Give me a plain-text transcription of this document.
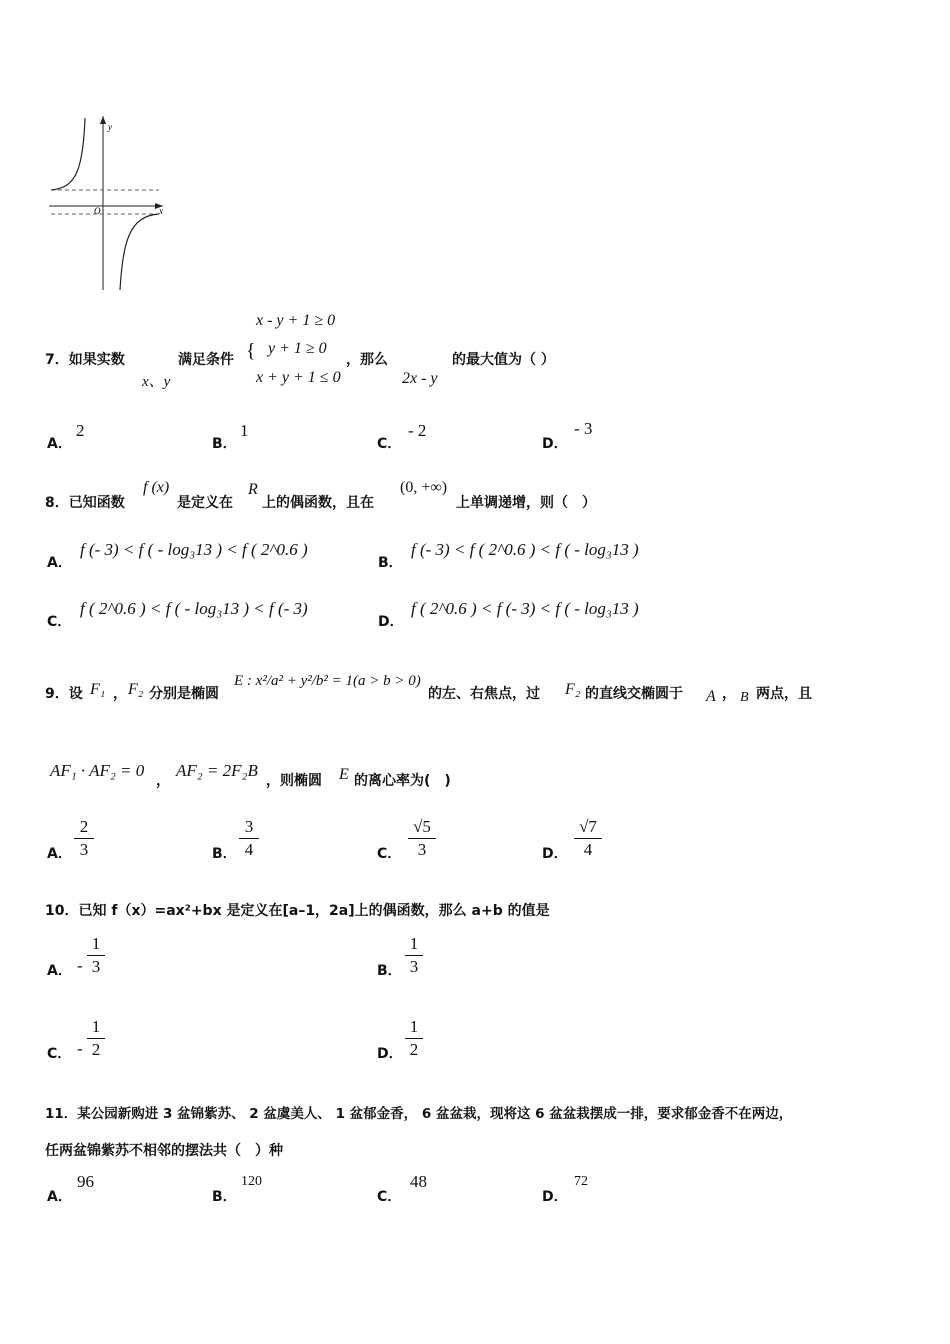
y
x
O
7．如果实数
x、y
满足条件 {
x - y + 1 ≥ 0
y + 1 ≥ 0
x + y + 1 ≤ 0
，那么
2x - y
的最大值为（ ）
A．
2
B．
1
C．
- 2
D．
- 3
8．已知函数
f (x)
是定义在
R
上的偶函数，且在
(0, +∞)
上单调递增，则（　）
A．
f (- 3) < f ( - log₃13 ) < f ( 2^0.6 )
B．
f (- 3) < f ( 2^0.6 ) < f ( - log₃13 )
C．
f ( 2^0.6 ) < f ( - log₃13 ) < f (- 3)
D．
f ( 2^0.6 ) < f (- 3) < f ( - log₃13 )
9．设 F₁ ， F₂ 分别是椭圆
E : x²/a² + y²/b² = 1(a > b > 0)
的左、右焦点，过 F₂ 的直线交椭圆于 A ， B 两点，且
AF₁ · AF₂ = 0
，
AF₂ = 2F₂B
，则椭圆 E 的离心率为(　)
A．
2
3	B．
3
4	C．
√5
3	D．
√7
4
10．已知 f（x）=ax²+bx 是定义在[a–1，2a]上的偶函数，那么 a+b 的值是
A． -
1
3	B．
1
3
C． -
1
2	D．
1
2
11．某公园新购进 3 盆锦紫苏、 2 盆虞美人、 1 盆郁金香， 6 盆盆栽，现将这 6 盆盆栽摆成一排，要求郁金香不在两边，
任两盆锦紫苏不相邻的摆法共（　）种
A．
96
B．
120
C．
48
D．
72
